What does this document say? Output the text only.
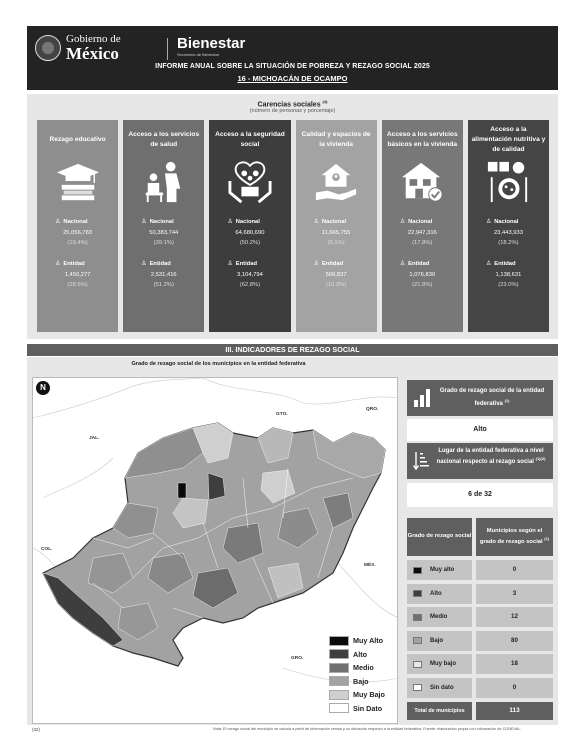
Gobierno de
México
Bienestar
Secretaría de Bienestar
INFORME ANUAL SOBRE LA SITUACIÓN DE POBREZA Y REZAGO SOCIAL 2025
16 - MICHOACÁN DE OCAMPO
Carencias sociales $^{(4)}$
(número de personas y porcentaje)
Rezago educativo
♙ Nacional
25,056,783
(19.4%)
♙ Entidad
1,450,277
(28.5%)
Acceso a los servicios de salud
♙ Nacional
50,383,744
(39.1%)
♙ Entidad
2,531,416
(51.2%)
Acceso a la seguridad social
♙ Nacional
64,680,690
(50.2%)
♙ Entidad
3,104,794
(62.8%)
Calidad y espacios de la vivienda
♙ Nacional
11,665,755
(9.1%)
♙ Entidad
509,837
(10.3%)
Acceso a los servicios básicos en la vivienda
♙ Nacional
22,947,316
(17.8%)
♙ Entidad
1,076,830
(21.8%)
Acceso a la alimentación nutritiva y de calidad
♙ Nacional
23,443,933
(18.2%)
♙ Entidad
1,138,631
(23.0%)
III. INDICADORES DE REZAGO SOCIAL
Grado de rezago social de los municipios en la entidad federativa
N
GTO.
QRO.
JAL.
COL.
MÉX.
GRO.
Muy Alto
Alto
Medio
Bajo
Muy Bajo
Sin Dato
Grado de rezago social de la entidad federativa $^{(1)}$
Alto
Lugar de la entidad federativa a nivel nacional respecto al rezago social $^{(1)(2)}$
6 de 32
Grado de rezago social
Municipios según el grado de rezago social $^{(1)}$
Muy alto	0
Alto	3
Medio	12
Bajo	80
Muy bajo	18
Sin dato	0
Total de municipios	113
(32)	Nota: El rezago social del municipio se calcula a partir de información censal y su ubicación respecto a la entidad federativa. Fuente: elaboración propia con información de CONEVAL.
